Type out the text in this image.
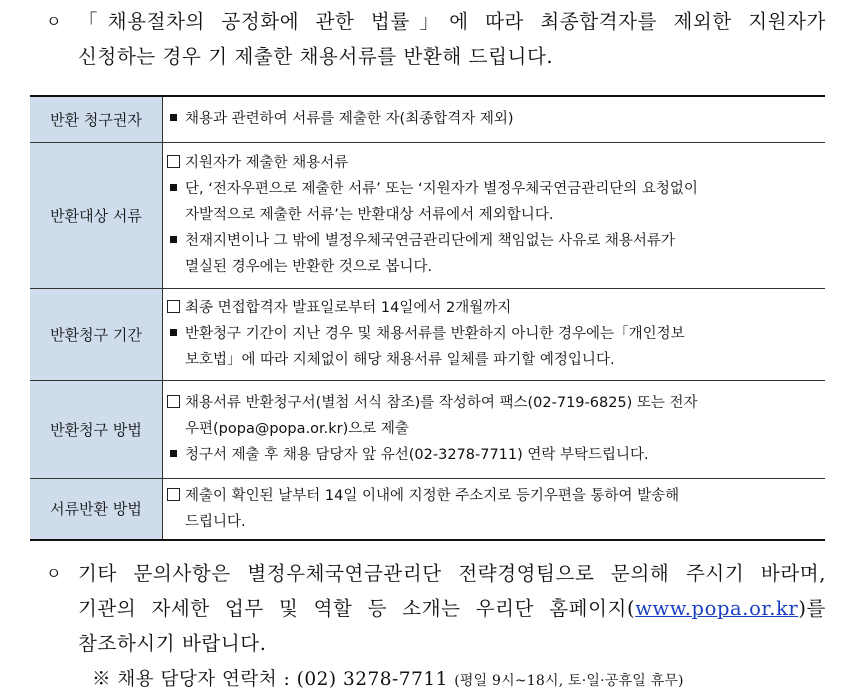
ㅇ 「채용절차의 공정화에 관한 법률」에 따라 최종합격자를 제외한 지원자가
신청하는 경우 기 제출한 채용서류를 반환해 드립니다.
반환 청구권자	채용과 관련하여 서류를 제출한 자(최종합격자 제외)

반환대상 서류	지원자가 제출한 채용서류
단, ‘전자우편으로 제출한 서류’ 또는 ‘지원자가 별정우체국연금관리단의 요청없이
자발적으로 제출한 서류’는 반환대상 서류에서 제외합니다.
천재지변이나 그 밖에 별정우체국연금관리단에게 책임없는 사유로 채용서류가
멸실된 경우에는 반환한 것으로 봅니다.

반환청구 기간	최종 면접합격자 발표일로부터 14일에서 2개월까지
반환청구 기간이 지난 경우 및 채용서류를 반환하지 아니한 경우에는「개인정보
보호법」에 따라 지체없이 해당 채용서류 일체를 파기할 예정입니다.

반환청구 방법	채용서류 반환청구서(별첨 서식 참조)를 작성하여 팩스(02-719-6825) 또는 전자
우편(popa@popa.or.kr)으로 제출
청구서 제출 후 채용 담당자 앞 유선(02-3278-7711) 연락 부탁드립니다.

서류반환 방법	제출이 확인된 날부터 14일 이내에 지정한 주소지로 등기우편을 통하여 발송해
드립니다.
ㅇ 기타 문의사항은 별정우체국연금관리단 전략경영팀으로 문의해 주시기 바라며,
기관의 자세한 업무 및 역할 등 소개는 우리단 홈페이지(www.popa.or.kr)를
참조하시기 바랍니다.
※ 채용 담당자 연락처 : (02) 3278-7711 (평일 9시~18시, 토·일·공휴일 휴무)
